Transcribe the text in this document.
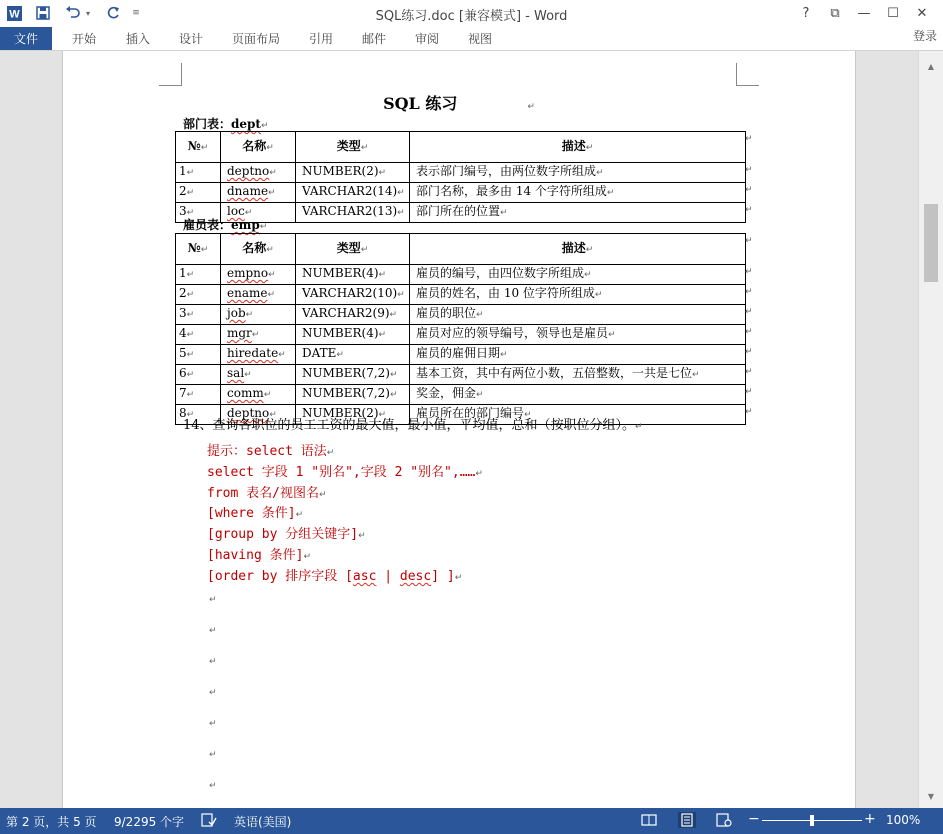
W	▾	≡	SQL练习.doc [兼容模式] - Word	?	⧉	—	☐	✕
文件	开始 插入 设计 页面布局 引用 邮件 审阅 视图	登录
SQL 练习	↵
部门表：dept↵
№↵	名称↵	类型↵	描述↵
1↵	deptno↵	NUMBER(2)↵	表示部门编号，由两位数字所组成↵
2↵	dname↵	VARCHAR2(14)↵	部门名称，最多由 14 个字符所组成↵
3↵	loc↵	VARCHAR2(13)↵	部门所在的位置↵
雇员表：emp↵
№↵	名称↵	类型↵	描述↵
1↵	empno↵	NUMBER(4)↵	雇员的编号，由四位数字所组成↵
2↵	ename↵	VARCHAR2(10)↵	雇员的姓名，由 10 位字符所组成↵
3↵	job↵	VARCHAR2(9)↵	雇员的职位↵
4↵	mgr↵	NUMBER(4)↵	雇员对应的领导编号，领导也是雇员↵
5↵	hiredate↵	DATE↵	雇员的雇佣日期↵
6↵	sal↵	NUMBER(7,2)↵	基本工资，其中有两位小数，五倍整数，一共是七位↵
7↵	comm↵	NUMBER(7,2)↵	奖金，佣金↵
8↵	deptno↵	NUMBER(2)↵	雇员所在的部门编号↵
14、查询各职位的员工工资的最大值，最小值，平均值，总和（按职位分组）。↵
提示：select 语法↵
select 字段 1 "别名",字段 2 "别名",……↵
from 表名/视图名↵
[where 条件]↵
[group by 分组关键字]↵
[having 条件]↵
[order by 排序字段 [asc | desc] ]↵
↵
↵
↵
↵
↵
↵
↵
↵
↵
↵
↵
↵
↵
↵
↵
↵
↵
↵
↵
↵
▲
▼
第 2 页，共 5 页 9/2295 个字	英语(美国)	−	+ 100%
